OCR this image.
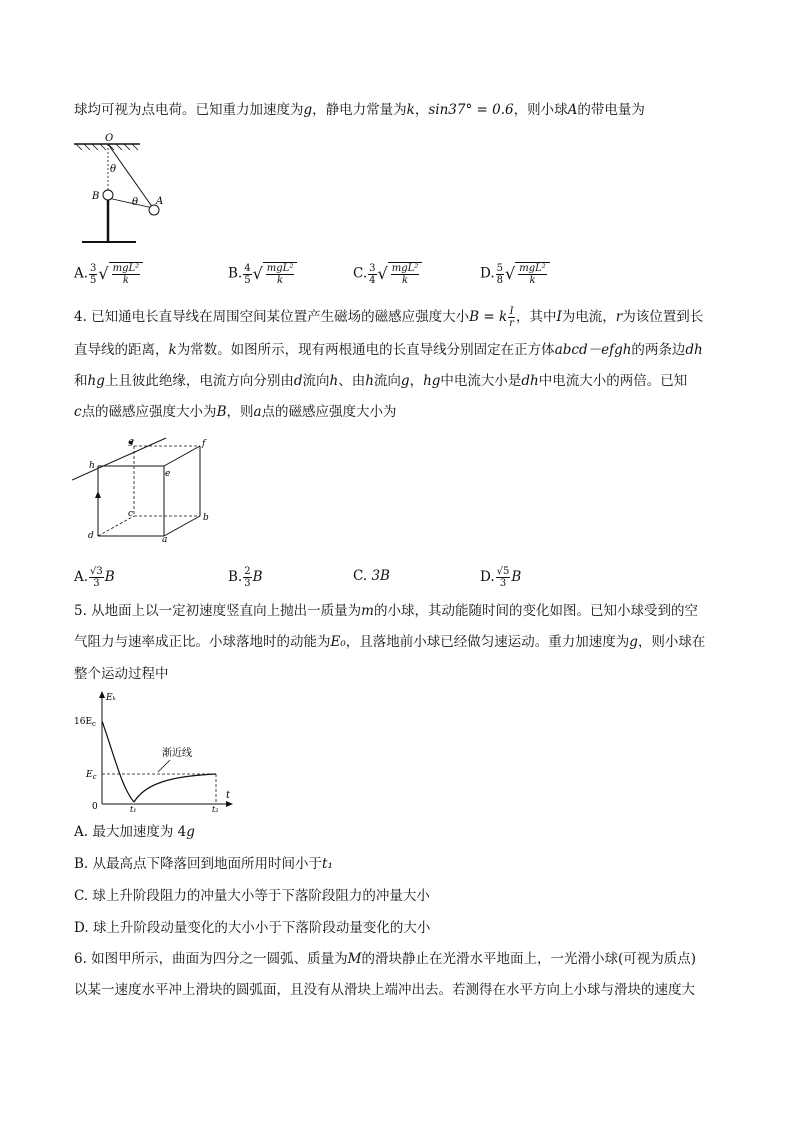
球均可视为点电荷。已知重力加速度为g，静电力常量为k，sin37° = 0.6，则小球A的带电量为
O
B	A
θ
θ
A. $\frac{3}{5}$ √ $\frac{\text{mgL²}}{k}$	B. $\frac{4}{5}$ √ $\frac{\text{mgL²}}{k}$	C. $\frac{3}{4}$ √ $\frac{\text{mgL²}}{k}$	D. $\frac{5}{8}$ √ $\frac{\text{mgL²}}{k}$
4. 已知通电长直导线在周围空间某位置产生磁场的磁感应强度大小B = k $\frac{I}{r}$ ，其中I为电流，r为该位置到长
直导线的距离，k为常数。如图所示，现有两根通电的长直导线分别固定在正方体abcd－efgh的两条边dh
和hg上且彼此绝缘，电流方向分别由d流向h、由h流向g，hg中电流大小是dh中电流大小的两倍。已知
c点的磁感应强度大小为B，则a点的磁感应强度大小为
a
b
c
d
e
f
g
h
A. $\frac{√3}{3}$ B	B. $\frac{2}{3}$ B	C. 3B	D. $\frac{√5}{3}$ B
5. 从地面上以一定初速度竖直向上抛出一质量为m的小球，其动能随时间的变化如图。已知小球受到的空
气阻力与速率成正比。小球落地时的动能为E₀，且落地前小球已经做匀速运动。重力加速度为g，则小球在
整个运动过程中
Eₖ
$16E_c$
$E_c$
0	t₁	t₂
t
渐近线
A. 最大加速度为 4g
B. 从最高点下降落回到地面所用时间小于t₁
C. 球上升阶段阻力的冲量大小等于下落阶段阻力的冲量大小
D. 球上升阶段动量变化的大小小于下落阶段动量变化的大小
6. 如图甲所示，曲面为四分之一圆弧、质量为M的滑块静止在光滑水平地面上，一光滑小球(可视为质点)
以某一速度水平冲上滑块的圆弧面，且没有从滑块上端冲出去。若测得在水平方向上小球与滑块的速度大
